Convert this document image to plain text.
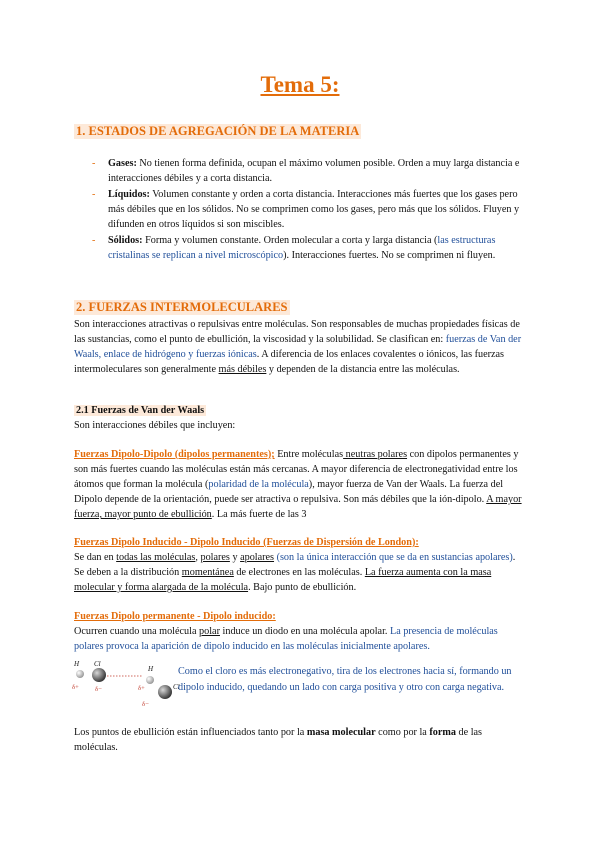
Tema 5:
1. ESTADOS DE AGREGACIÓN DE LA MATERIA
- Gases: No tienen forma definida, ocupan el máximo volumen posible. Orden a muy larga distancia e interacciones débiles y a corta distancia.
- Líquidos: Volumen constante y orden a corta distancia. Interacciones más fuertes que los gases pero más débiles que en los sólidos. No se comprimen como los gases, pero más que los sólidos. Fluyen y difunden en otros líquidos si son miscibles.
- Sólidos: Forma y volumen constante. Orden molecular a corta y larga distancia (las estructuras cristalinas se replican a nivel microscópico). Interacciones fuertes. No se comprimen ni fluyen.
2. FUERZAS INTERMOLECULARES
Son interacciones atractivas o repulsivas entre moléculas. Son responsables de muchas propiedades físicas de las sustancias, como el punto de ebullición, la viscosidad y la solubilidad. Se clasifican en: fuerzas de Van der Waals, enlace de hidrógeno y fuerzas iónicas. A diferencia de los enlaces covalentes o iónicos, las fuerzas intermoleculares son generalmente más débiles y dependen de la distancia entre las moléculas.
2.1 Fuerzas de Van der Waals
Son interacciones débiles que incluyen:
Fuerzas Dipolo-Dipolo (dipolos permanentes); Entre moléculas neutras polares con dipolos permanentes y son más fuertes cuando las moléculas están más cercanas. A mayor diferencia de electronegatividad entre los átomos que forman la molécula (polaridad de la molécula), mayor fuerza de Van der Waals. La fuerza del Dipolo depende de la orientación, puede ser atractiva o repulsiva. Son más débiles que la ión-dipolo. A mayor fuerza, mayor punto de ebullición. La más fuerte de las 3
Fuerzas Dipolo Inducido - Dipolo Inducido (Fuerzas de Dispersión de London):
Se dan en todas las moléculas, polares y apolares (son la única interacción que se da en sustancias apolares). Se deben a la distribución momentánea de electrones en las moléculas. La fuerza aumenta con la masa molecular y forma alargada de la molécula. Bajo punto de ebullición.
Fuerzas Dipolo permanente - Dipolo inducido:
Ocurren cuando una molécula polar induce un diodo en una molécula apolar. La presencia de moléculas polares provoca la aparición de dipolo inducido en las moléculas inicialmente apolares.
H Cl
δ+	δ−
H
Cl
δ+
δ−
Como el cloro es más electronegativo, tira de los electrones hacia sí, formando un dipolo inducido, quedando un lado con carga positiva y otro con carga negativa.
Los puntos de ebullición están influenciados tanto por la masa molecular como por la forma de las moléculas.
